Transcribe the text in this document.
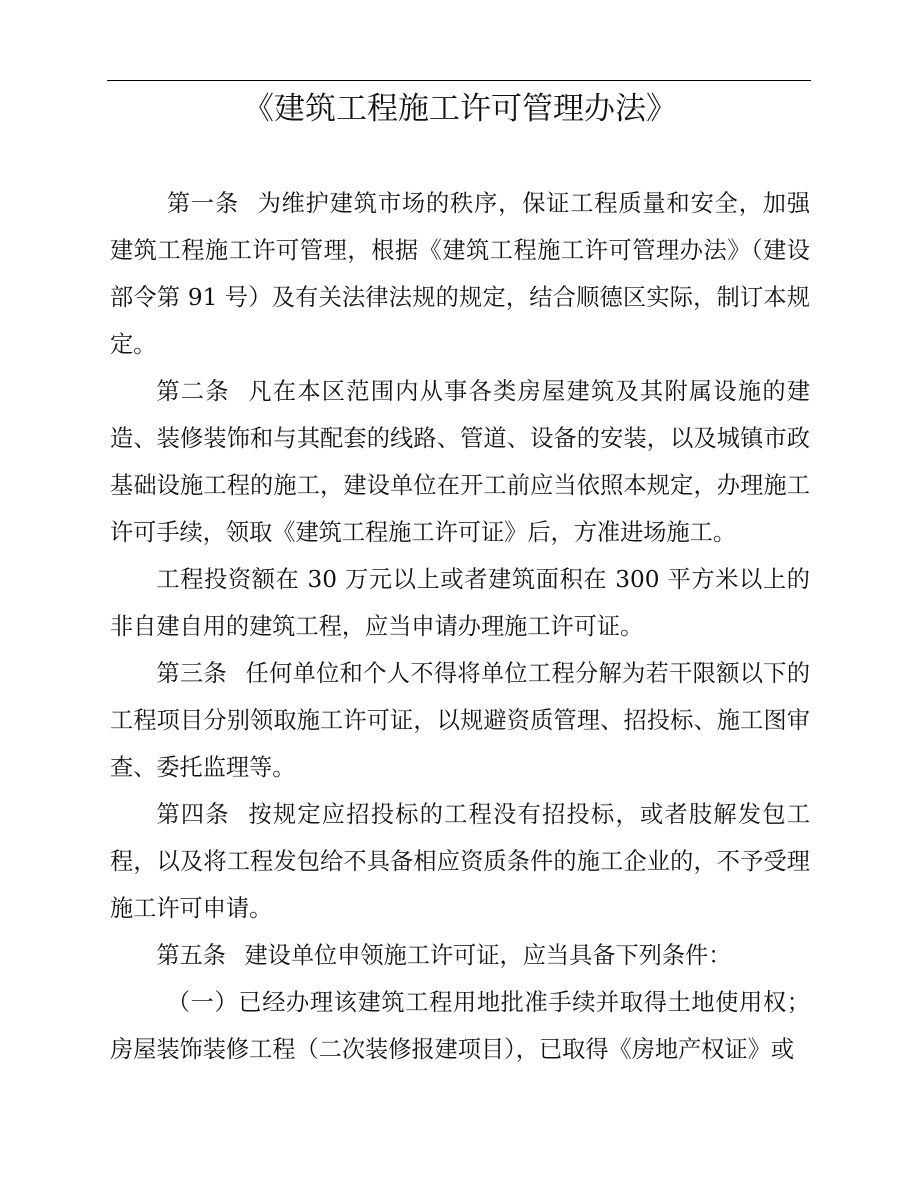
《建筑工程施工许可管理办法》

第一条 为维护建筑市场的秩序，保证工程质量和安全，加强建筑工程施工许可管理，根据《建筑工程施工许可管理办法》（建设部令第 91 号）及有关法律法规的规定，结合顺德区实际，制订本规定。

第二条 凡在本区范围内从事各类房屋建筑及其附属设施的建造、装修装饰和与其配套的线路、管道、设备的安装，以及城镇市政基础设施工程的施工，建设单位在开工前应当依照本规定，办理施工许可手续，领取《建筑工程施工许可证》后，方准进场施工。

工程投资额在 30 万元以上或者建筑面积在 300 平方米以上的非自建自用的建筑工程，应当申请办理施工许可证。

第三条 任何单位和个人不得将单位工程分解为若干限额以下的工程项目分别领取施工许可证，以规避资质管理、招投标、施工图审查、委托监理等。

第四条 按规定应招投标的工程没有招投标，或者肢解发包工程，以及将工程发包给不具备相应资质条件的施工企业的，不予受理施工许可申请。

第五条 建设单位申领施工许可证，应当具备下列条件：

（一）已经办理该建筑工程用地批准手续并取得土地使用权；房屋装饰装修工程（二次装修报建项目），已取得《房地产权证》或
